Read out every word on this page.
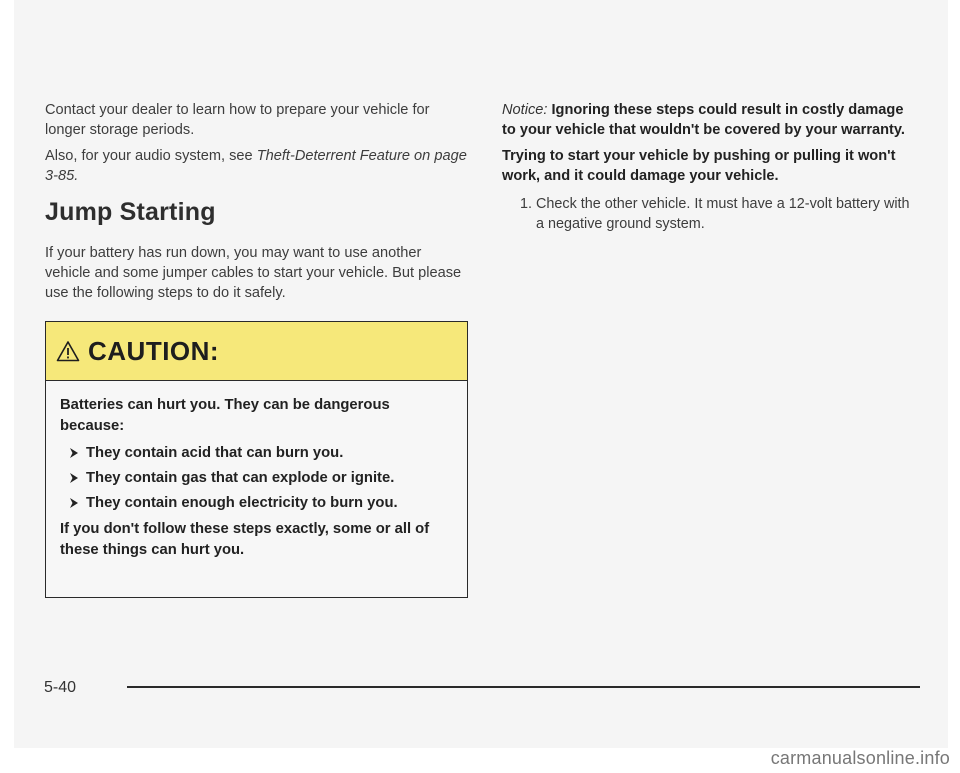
Contact your dealer to learn how to prepare your vehicle for longer storage periods.

Also, for your audio system, see Theft-Deterrent Feature on page 3-85.

Jump Starting

If your battery has run down, you may want to use another vehicle and some jumper cables to start your vehicle. But please use the following steps to do it safely.

CAUTION:

Batteries can hurt you. They can be dangerous because:

They contain acid that can burn you.
They contain gas that can explode or ignite.
They contain enough electricity to burn you.

If you don't follow these steps exactly, some or all of these things can hurt you.

Notice: Ignoring these steps could result in costly damage to your vehicle that wouldn't be covered by your warranty.

Trying to start your vehicle by pushing or pulling it won't work, and it could damage your vehicle.

1. Check the other vehicle. It must have a 12-volt battery with a negative ground system.
5-40
carmanualsonline.info
